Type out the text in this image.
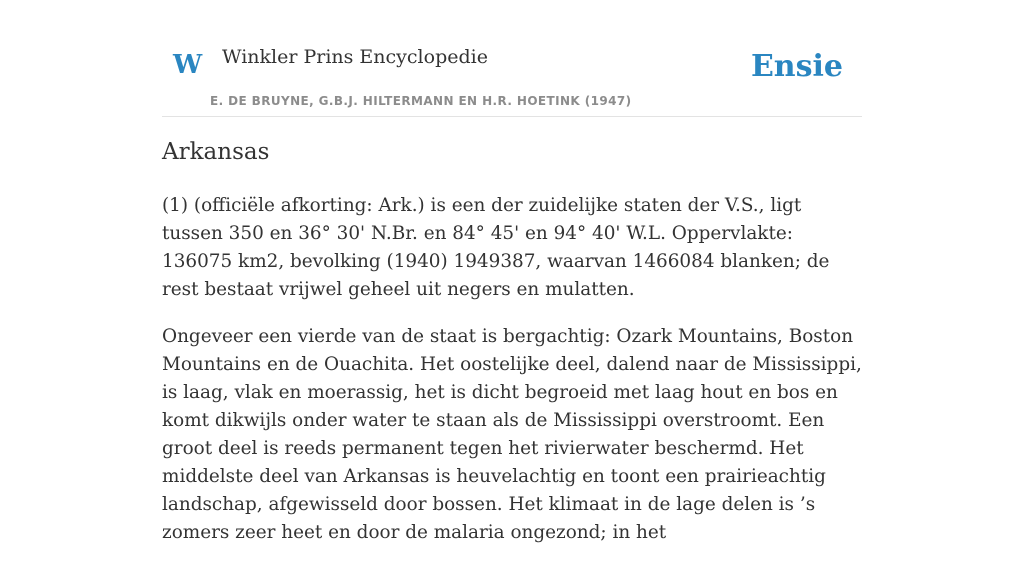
W Winkler Prins Encyclopedie
E. DE BRUYNE, G.B.J. HILTERMANN EN H.R. HOETINK (1947)
Ensie
Arkansas

(1) (officiële afkorting: Ark.) is een der zuidelijke staten der V.S., ligt tussen 350 en 36° 30' N.Br. en 84° 45' en 94° 40' W.L. Oppervlakte: 136075 km2, bevolking (1940) 1949387, waarvan 1466084 blanken; de rest bestaat vrijwel geheel uit negers en mulatten.

Ongeveer een vierde van de staat is bergachtig: Ozark Mountains, Boston Mountains en de Ouachita. Het oostelijke deel, dalend naar de Mississippi, is laag, vlak en moerassig, het is dicht begroeid met laag hout en bos en komt dikwijls onder water te staan als de Mississippi overstroomt. Een groot deel is reeds permanent tegen het rivierwater beschermd. Het middelste deel van Arkansas is heuvelachtig en toont een prairieachtig landschap, afgewisseld door bossen. Het klimaat in de lage delen is ’s zomers zeer heet en door de malaria ongezond; in het
